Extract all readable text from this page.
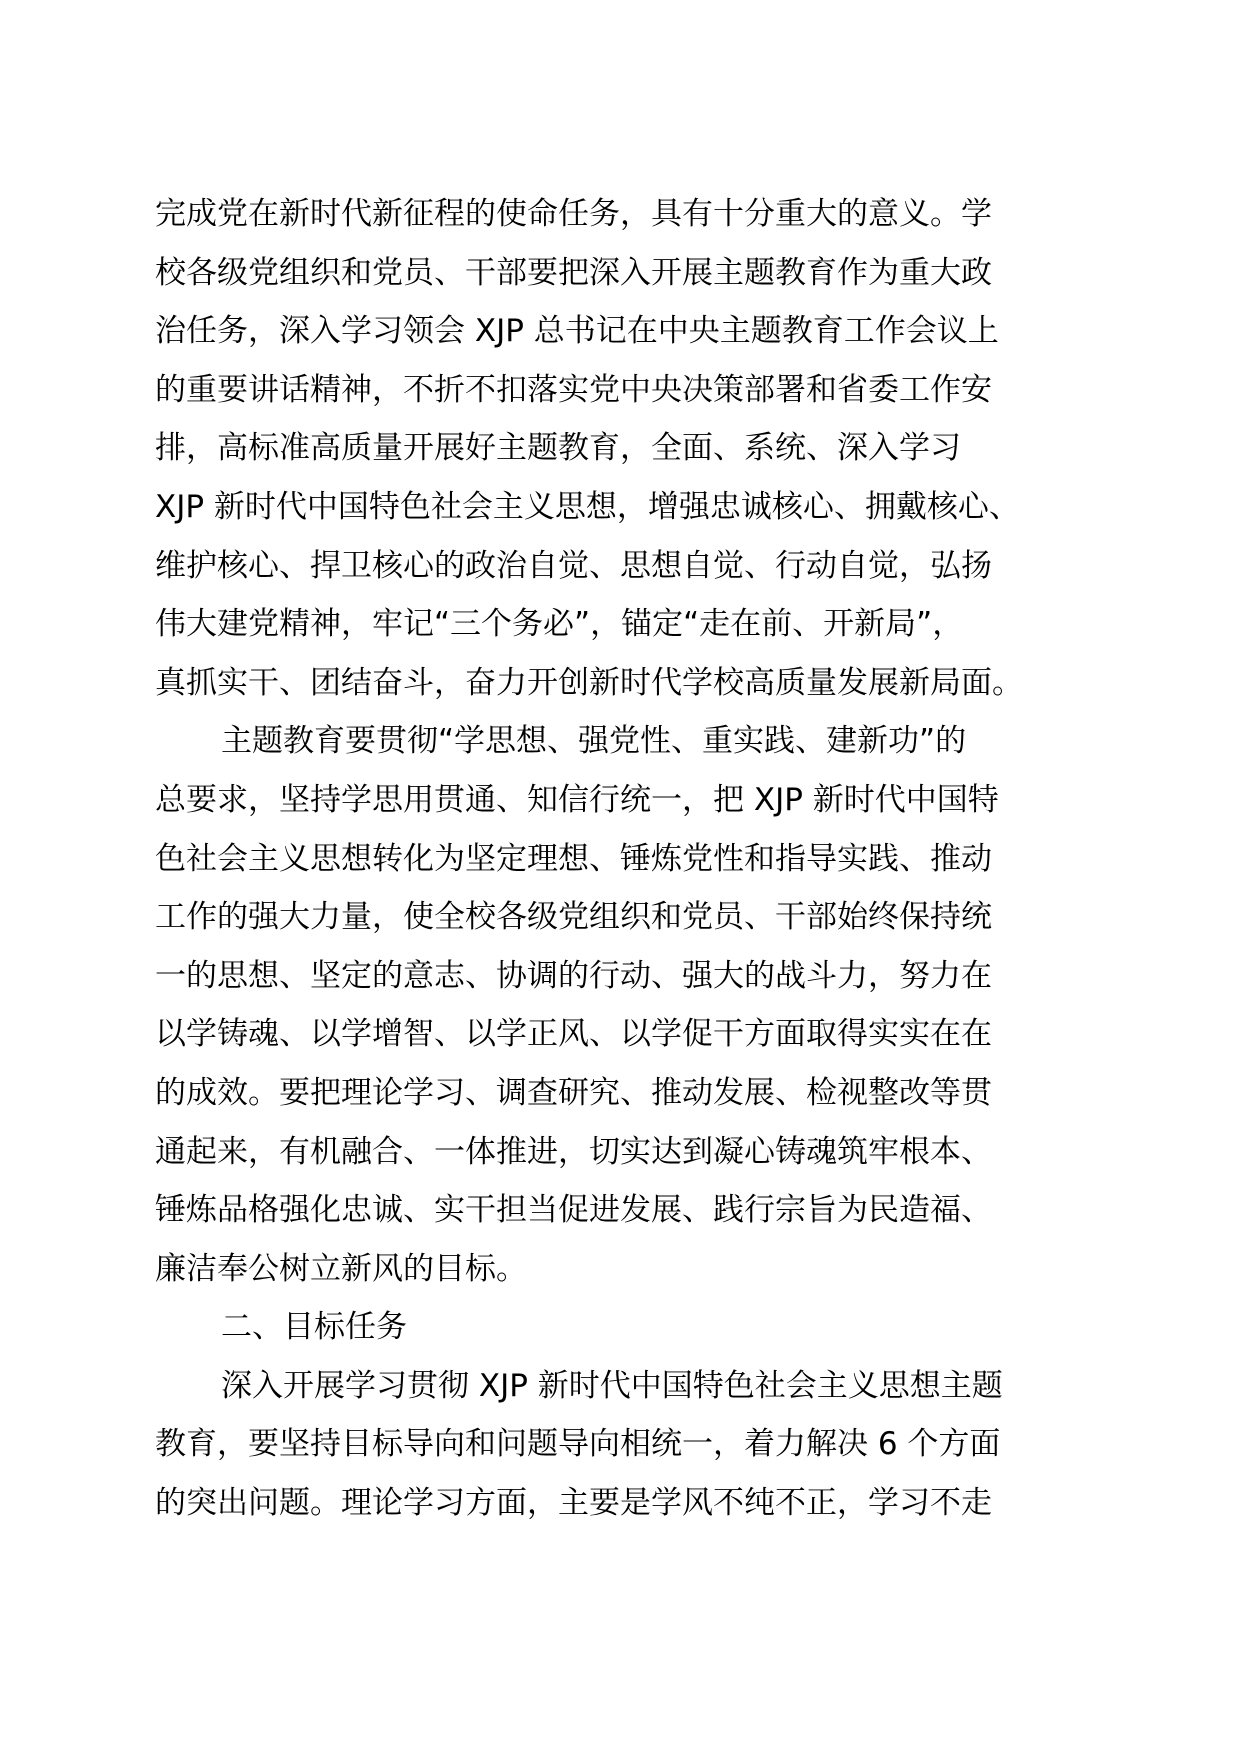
完成党在新时代新征程的使命任务，具有十分重大的意义。学
校各级党组织和党员、干部要把深入开展主题教育作为重大政
治任务，深入学习领会 XJP 总书记在中央主题教育工作会议上
的重要讲话精神，不折不扣落实党中央决策部署和省委工作安
排，高标准高质量开展好主题教育，全面、系统、深入学习
XJP 新时代中国特色社会主义思想，增强忠诚核心、拥戴核心、
维护核心、捍卫核心的政治自觉、思想自觉、行动自觉，弘扬
伟大建党精神，牢记“三个务必”，锚定“走在前、开新局”，
真抓实干、团结奋斗，奋力开创新时代学校高质量发展新局面。
主题教育要贯彻“学思想、强党性、重实践、建新功”的
总要求，坚持学思用贯通、知信行统一，把 XJP 新时代中国特
色社会主义思想转化为坚定理想、锤炼党性和指导实践、推动
工作的强大力量，使全校各级党组织和党员、干部始终保持统
一的思想、坚定的意志、协调的行动、强大的战斗力，努力在
以学铸魂、以学增智、以学正风、以学促干方面取得实实在在
的成效。要把理论学习、调查研究、推动发展、检视整改等贯
通起来，有机融合、一体推进，切实达到凝心铸魂筑牢根本、
锤炼品格强化忠诚、实干担当促进发展、践行宗旨为民造福、
廉洁奉公树立新风的目标。
二、目标任务
深入开展学习贯彻 XJP 新时代中国特色社会主义思想主题
教育，要坚持目标导向和问题导向相统一，着力解决 6 个方面
的突出问题。理论学习方面，主要是学风不纯不正，学习不走
